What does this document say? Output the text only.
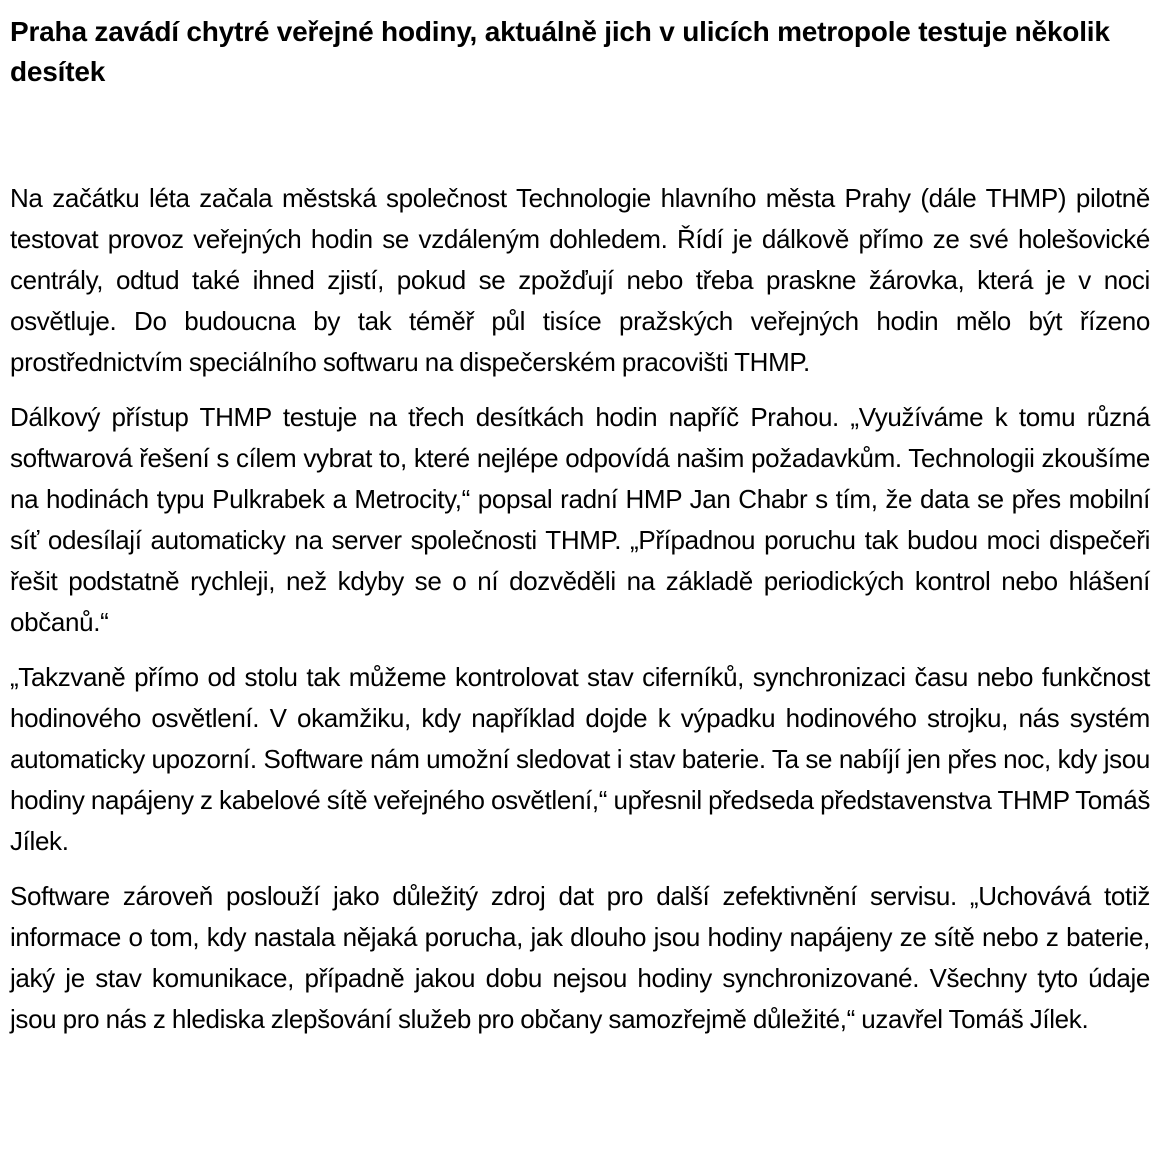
Praha zavádí chytré veřejné hodiny, aktuálně jich v ulicích metropole testuje několik desítek

Na začátku léta začala městská společnost Technologie hlavního města Prahy (dále THMP) pilotně testovat provoz veřejných hodin se vzdáleným dohledem. Řídí je dálkově přímo ze své holešovické centrály, odtud také ihned zjistí, pokud se zpožďují nebo třeba praskne žárovka, která je v noci osvětluje. Do budoucna by tak téměř půl tisíce pražských veřejných hodin mělo být řízeno prostřednictvím speciálního softwaru na dispečerském pracovišti THMP.

Dálkový přístup THMP testuje na třech desítkách hodin napříč Prahou. „Využíváme k tomu různá softwarová řešení s cílem vybrat to, které nejlépe odpovídá našim požadavkům. Technologii zkoušíme na hodinách typu Pulkrabek a Metrocity,“ popsal radní HMP Jan Chabr s tím, že data se přes mobilní síť odesílají automaticky na server společnosti THMP. „Případnou poruchu tak budou moci dispečeři řešit podstatně rychleji, než kdyby se o ní dozvěděli na základě periodických kontrol nebo hlášení občanů.“

„Takzvaně přímo od stolu tak můžeme kontrolovat stav ciferníků, synchronizaci času nebo funkčnost hodinového osvětlení. V okamžiku, kdy například dojde k výpadku hodinového strojku, nás systém automaticky upozorní. Software nám umožní sledovat i stav baterie. Ta se nabíjí jen přes noc, kdy jsou hodiny napájeny z kabelové sítě veřejného osvětlení,“ upřesnil předseda představenstva THMP Tomáš Jílek.

Software zároveň poslouží jako důležitý zdroj dat pro další zefektivnění servisu. „Uchovává totiž informace o tom, kdy nastala nějaká porucha, jak dlouho jsou hodiny napájeny ze sítě nebo z baterie, jaký je stav komunikace, případně jakou dobu nejsou hodiny synchronizované. Všechny tyto údaje jsou pro nás z hlediska zlepšování služeb pro občany samozřejmě důležité,“ uzavřel Tomáš Jílek.
